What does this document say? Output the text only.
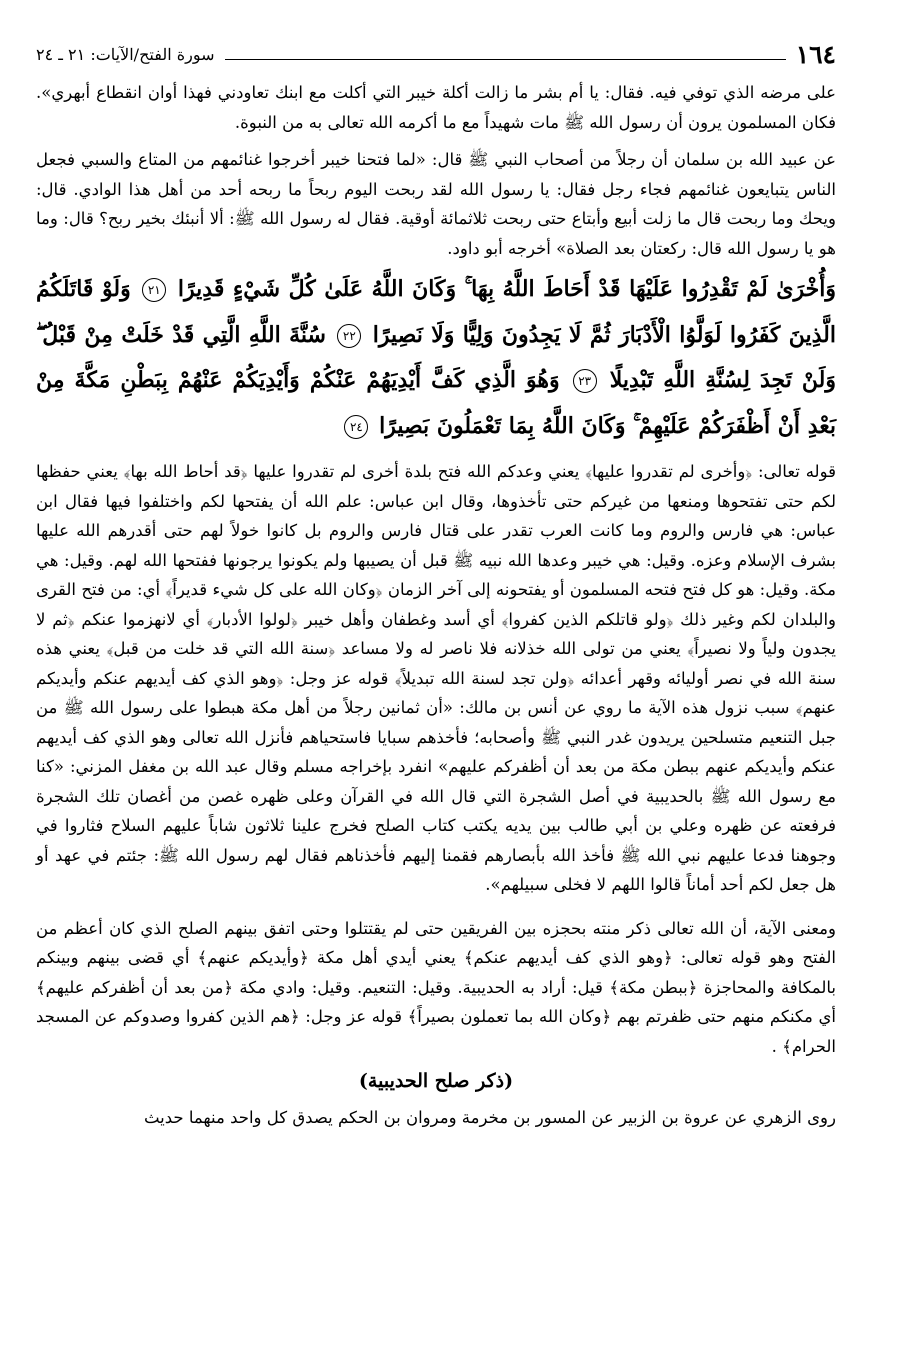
١٦٤
سورة الفتح/الآيات: ٢١ ـ ٢٤

على مرضه الذي توفي فيه. فقال: يا أم بشر ما زالت أكلة خيبر التي أكلت مع ابنك تعاودني فهذا أوان انقطاع أبهري». فكان المسلمون يرون أن رسول الله ﷺ مات شهيداً مع ما أكرمه الله تعالى به من النبوة.

عن عبيد الله بن سلمان أن رجلاً من أصحاب النبي ﷺ قال: «لما فتحنا خيبر أخرجوا غنائمهم من المتاع والسبي فجعل الناس يتبايعون غنائمهم فجاء رجل فقال: يا رسول الله لقد ربحت اليوم ربحاً ما ربحه أحد من أهل هذا الوادي. قال: ويحك وما ربحت قال ما زلت أبيع وأبتاع حتى ربحت ثلاثمائة أوقية. فقال له رسول الله ﷺ: ألا أنبئك بخير ربح؟ قال: وما هو يا رسول الله قال: ركعتان بعد الصلاة» أخرجه أبو داود.

وَأُخْرَىٰ لَمْ تَقْدِرُوا عَلَيْهَا قَدْ أَحَاطَ اللَّهُ بِهَا ۚ وَكَانَ اللَّهُ عَلَىٰ كُلِّ شَيْءٍ قَدِيرًا ٢١ وَلَوْ قَاتَلَكُمُ الَّذِينَ كَفَرُوا لَوَلَّوُا الْأَدْبَارَ ثُمَّ لَا يَجِدُونَ وَلِيًّا وَلَا نَصِيرًا ٢٢ سُنَّةَ اللَّهِ الَّتِي قَدْ خَلَتْ مِنْ قَبْلُ ۖ وَلَنْ تَجِدَ لِسُنَّةِ اللَّهِ تَبْدِيلًا ٢٣ وَهُوَ الَّذِي كَفَّ أَيْدِيَهُمْ عَنْكُمْ وَأَيْدِيَكُمْ عَنْهُمْ بِبَطْنِ مَكَّةَ مِنْ بَعْدِ أَنْ أَظْفَرَكُمْ عَلَيْهِمْ ۚ وَكَانَ اللَّهُ بِمَا تَعْمَلُونَ بَصِيرًا ٢٤

قوله تعالى: ﴿وأخرى لم تقدروا عليها﴾ يعني وعدكم الله فتح بلدة أخرى لم تقدروا عليها ﴿قد أحاط الله بها﴾ يعني حفظها لكم حتى تفتحوها ومنعها من غيركم حتى تأخذوها، وقال ابن عباس: علم الله أن يفتحها لكم واختلفوا فيها فقال ابن عباس: هي فارس والروم وما كانت العرب تقدر على قتال فارس والروم بل كانوا خولاً لهم حتى أقدرهم الله عليها بشرف الإسلام وعزه. وقيل: هي خيبر وعدها الله نبيه ﷺ قبل أن يصيبها ولم يكونوا يرجونها ففتحها الله لهم. وقيل: هي مكة. وقيل: هو كل فتح فتحه المسلمون أو يفتحونه إلى آخر الزمان ﴿وكان الله على كل شيء قديراً﴾ أي: من فتح القرى والبلدان لكم وغير ذلك ﴿ولو قاتلكم الذين كفروا﴾ أي أسد وغطفان وأهل خيبر ﴿لولوا الأدبار﴾ أي لانهزموا عنكم ﴿ثم لا يجدون ولياً ولا نصيراً﴾ يعني من تولى الله خذلانه فلا ناصر له ولا مساعد ﴿سنة الله التي قد خلت من قبل﴾ يعني هذه سنة الله في نصر أوليائه وقهر أعدائه ﴿ولن تجد لسنة الله تبديلاً﴾ قوله عز وجل: ﴿وهو الذي كف أيديهم عنكم وأيديكم عنهم﴾ سبب نزول هذه الآية ما روي عن أنس بن مالك: «أن ثمانين رجلاً من أهل مكة هبطوا على رسول الله ﷺ من جبل التنعيم متسلحين يريدون غدر النبي ﷺ وأصحابه؛ فأخذهم سبايا فاستحياهم فأنزل الله تعالى وهو الذي كف أيديهم عنكم وأيديكم عنهم ببطن مكة من بعد أن أظفركم عليهم» انفرد بإخراجه مسلم وقال عبد الله بن مغفل المزني: «كنا مع رسول الله ﷺ بالحديبية في أصل الشجرة التي قال الله في القرآن وعلى ظهره غصن من أغصان تلك الشجرة فرفعته عن ظهره وعلي بن أبي طالب بين يديه يكتب كتاب الصلح فخرج علينا ثلاثون شاباً عليهم السلاح فثاروا في وجوهنا فدعا عليهم نبي الله ﷺ فأخذ الله بأبصارهم فقمنا إليهم فأخذناهم فقال لهم رسول الله ﷺ: جئتم في عهد أو هل جعل لكم أحد أماناً قالوا اللهم لا فخلى سبيلهم».

ومعنى الآية، أن الله تعالى ذكر منته بحجزه بين الفريقين حتى لم يقتتلوا وحتى اتفق بينهم الصلح الذي كان أعظم من الفتح وهو قوله تعالى: ﴿وهو الذي كف أيديهم عنكم﴾ يعني أيدي أهل مكة ﴿وأيديكم عنهم﴾ أي قضى بينهم وبينكم بالمكافة والمحاجزة ﴿ببطن مكة﴾ قيل: أراد به الحديبية. وقيل: التنعيم. وقيل: وادي مكة ﴿من بعد أن أظفركم عليهم﴾ أي مكنكم منهم حتى ظفرتم بهم ﴿وكان الله بما تعملون بصيراً﴾ قوله عز وجل: ﴿هم الذين كفروا وصدوكم عن المسجد الحرام﴾ .

(ذكر صلح الحديبية)

روى الزهري عن عروة بن الزبير عن المسور بن مخرمة ومروان بن الحكم يصدق كل واحد منهما حديث
